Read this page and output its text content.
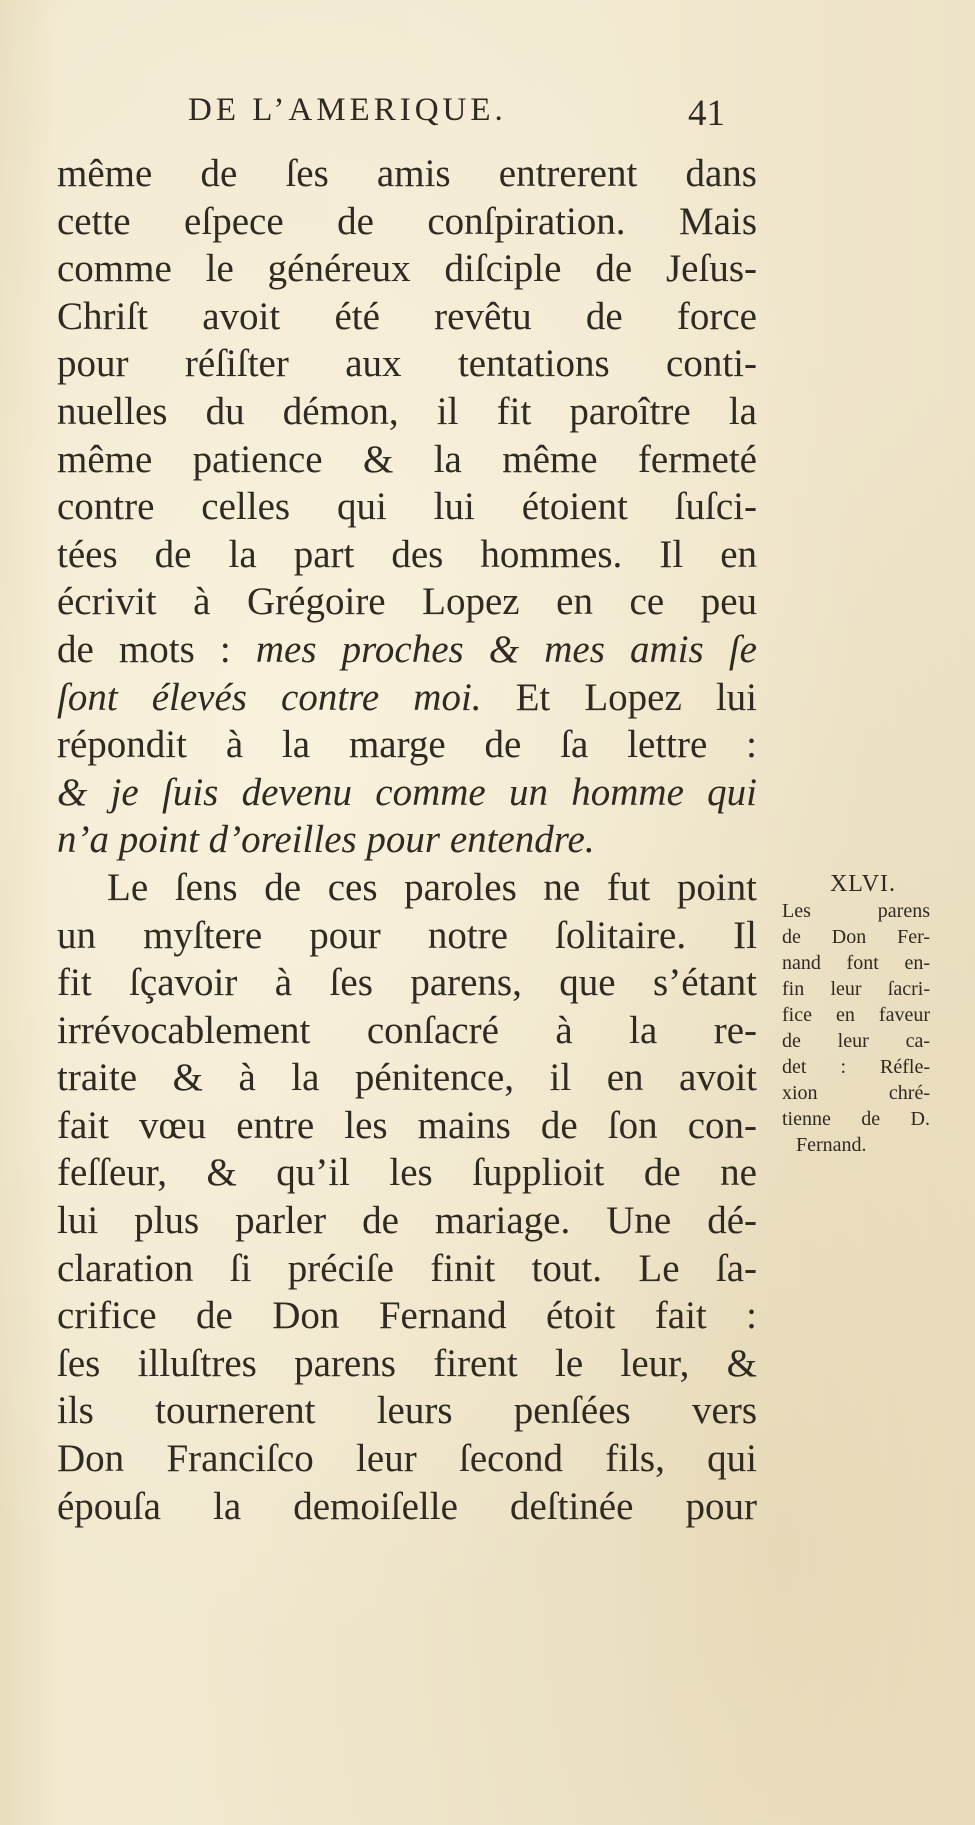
DE L’AMERIQUE.	41
même de ſes amis entrerent dans
cette eſpece de conſpiration. Mais
comme le généreux diſciple de Jeſus-
Chriſt avoit été revêtu de force
pour réſiſter aux tentations conti-
nuelles du démon, il fit paroître la
même patience & la même fermeté
contre celles qui lui étoient ſuſci-
tées de la part des hommes. Il en
écrivit à Grégoire Lopez en ce peu
de mots : mes proches & mes amis ſe
ſont élevés contre moi. Et Lopez lui
répondit à la marge de ſa lettre :
& je ſuis devenu comme un homme qui
n’a point d’oreilles pour entendre.
Le ſens de ces paroles ne fut point
un myſtere pour notre ſolitaire. Il
fit ſçavoir à ſes parens, que s’étant
irrévocablement conſacré à la re-
traite & à la pénitence, il en avoit
fait vœu entre les mains de ſon con-
feſſeur, & qu’il les ſupplioit de ne
lui plus parler de mariage. Une dé-
claration ſi préciſe finit tout. Le ſa-
crifice de Don Fernand étoit fait :
ſes illuſtres parens firent le leur, &
ils tournerent leurs penſées vers
Don Franciſco leur ſecond fils, qui
épouſa la demoiſelle deſtinée pour
XLVI.
Les parens
de Don Fer-
nand font en-
fin leur ſacri-
fice en faveur
de leur ca-
det : Réfle-
xion chré-
tienne de D.
Fernand.
